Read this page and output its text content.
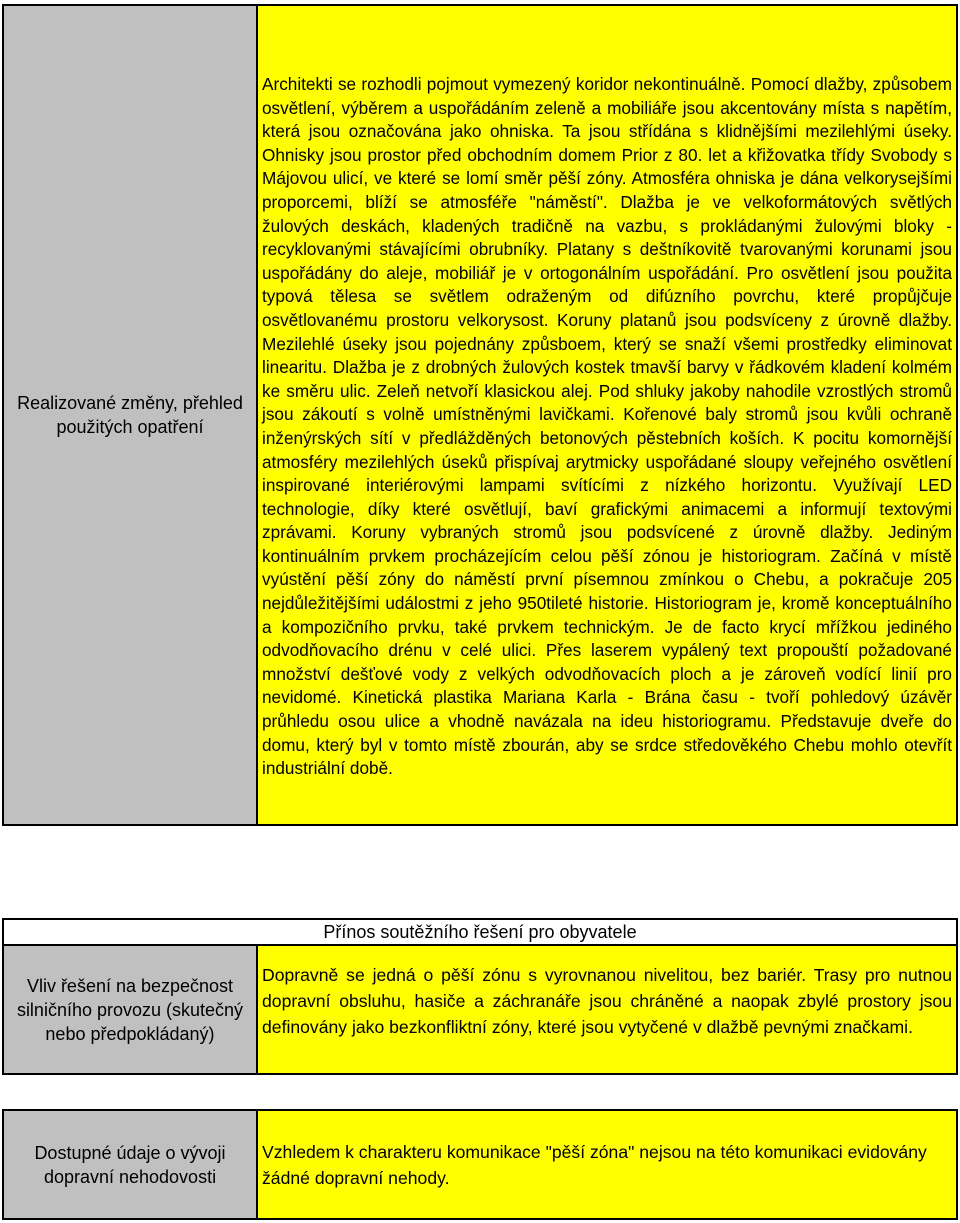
Realizované změny, přehled použitých opatření
Architekti se rozhodli pojmout vymezený koridor nekontinuálně. Pomocí dlažby, způsobem osvětlení, výběrem a uspořádáním zeleně a mobiliáře jsou akcentovány místa s napětím, která jsou označována jako ohniska. Ta jsou střídána s klidnějšími mezilehlými úseky. Ohnisky jsou prostor před obchodním domem Prior z 80. let a křižovatka třídy Svobody s Májovou ulicí, ve které se lomí směr pěší zóny. Atmosféra ohniska je dána velkorysejšími proporcemi, blíží se atmosféře "náměstí". Dlažba je ve velkoformátových světlých žulových deskách, kladených tradičně na vazbu, s prokládanými žulovými bloky - recyklovanými stávajícími obrubníky. Platany s deštníkovitě tvarovanými korunami jsou uspořádány do aleje, mobiliář je v ortogonálním uspořádání. Pro osvětlení jsou použita typová tělesa se světlem odraženým od difúzního povrchu, které propůjčuje osvětlovanému prostoru velkorysost. Koruny platanů jsou podsvíceny z úrovně dlažby. Mezilehlé úseky jsou pojednány způsboem, který se snaží všemi prostředky eliminovat linearitu. Dlažba je z drobných žulových kostek tmavší barvy v řádkovém kladení kolmém ke směru ulic. Zeleň netvoří klasickou alej. Pod shluky jakoby nahodile vzrostlých stromů jsou zákoutí s volně umístněnými lavičkami. Kořenové baly stromů jsou kvůli ochraně inženýrských sítí v předlážděných betonových pěstebních koších. K pocitu komornější atmosféry mezilehlých úseků přispívaj arytmicky uspořádané sloupy veřejného osvětlení inspirované interiérovými lampami svítícími z nízkého horizontu. Využívají LED technologie, díky které osvětlují, baví grafickými animacemi a informují textovými zprávami. Koruny vybraných stromů jsou podsvícené z úrovně dlažby. Jediným kontinuálním prvkem procházejícím celou pěší zónou je historiogram. Začíná v místě vyústění pěší zóny do náměstí první písemnou zmínkou o Chebu, a pokračuje 205 nejdůležitějšími událostmi z jeho 950tileté historie. Historiogram je, kromě konceptuálního a kompozičního prvku, také prvkem technickým. Je de facto krycí mřížkou jediného odvodňovacího drénu v celé ulici. Přes laserem vypálený text propouští požadované množství dešťové vody z velkých odvodňovacích ploch a je zároveň vodící linií pro nevidomé. Kinetická plastika Mariana Karla - Brána času - tvoří pohledový úzávěr průhledu osou ulice a vhodně navázala na ideu historiogramu. Představuje dveře do domu, který byl v tomto místě zbourán, aby se srdce středověkého Chebu mohlo otevřít industriální době.
Přínos soutěžního řešení pro obyvatele
Vliv řešení na bezpečnost silničního provozu (skutečný nebo předpokládaný)
Dopravně se jedná o pěší zónu s vyrovnanou nivelitou, bez bariér. Trasy pro nutnou dopravní obsluhu, hasiče a záchranáře jsou chráněné a naopak zbylé prostory jsou definovány jako bezkonfliktní zóny, které jsou vytyčené v dlažbě pevnými značkami.
Dostupné údaje o vývoji dopravní nehodovosti
Vzhledem k charakteru komunikace "pěší zóna" nejsou na této komunikaci evidovány žádné dopravní nehody.
